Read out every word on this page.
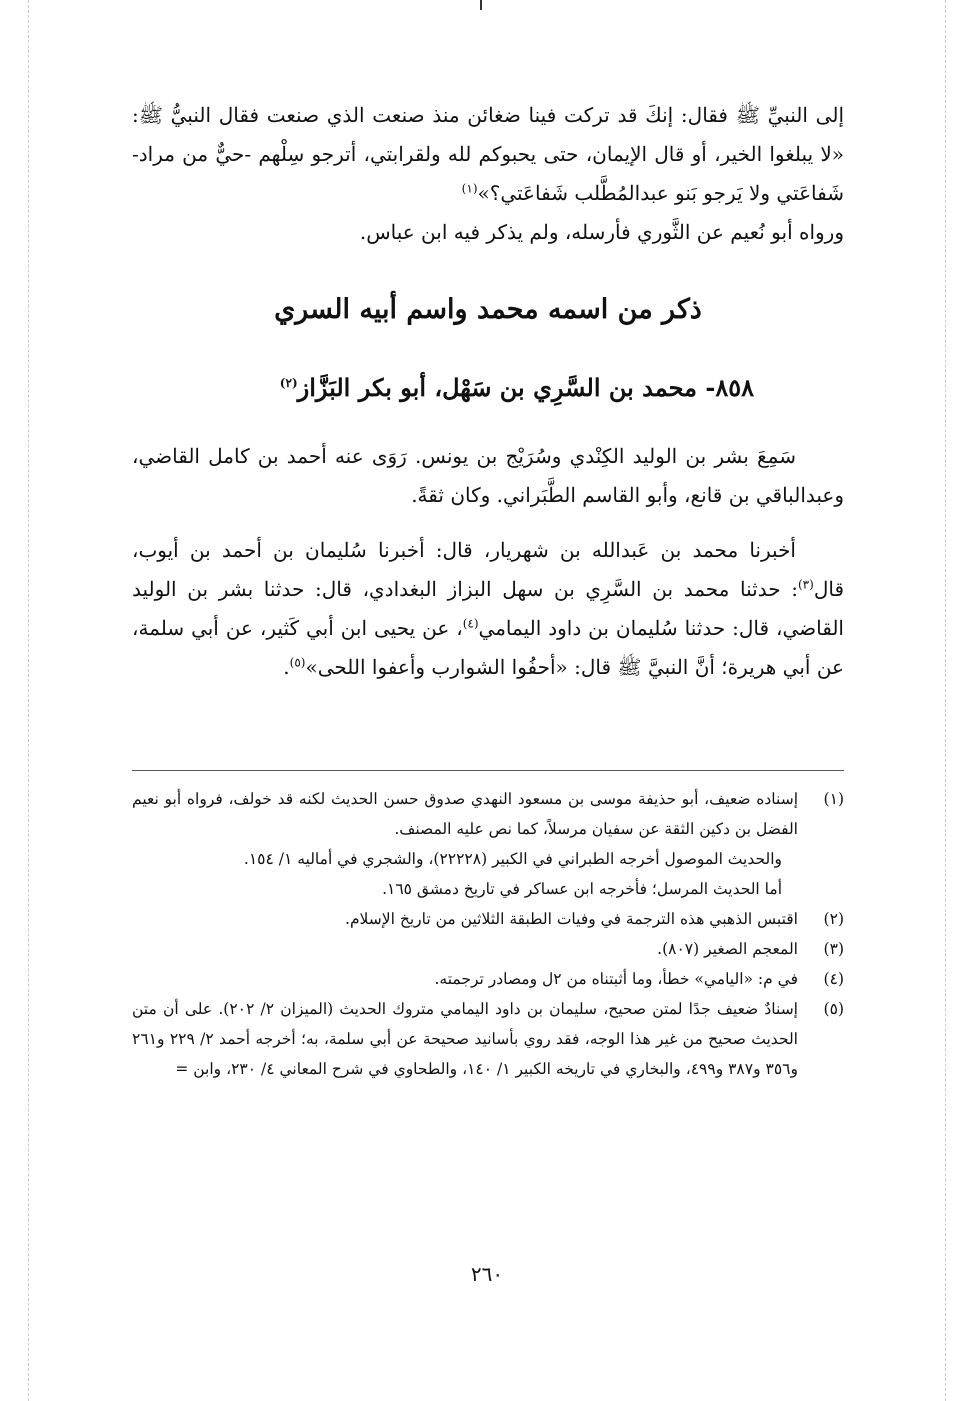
إلى النبيِّ ﷺ فقال: إنكَ قد تركت فينا ضغائن منذ صنعت الذي صنعت فقال النبيُّ ﷺ: «لا يبلغوا الخير، أو قال الإيمان، حتى يحبوكم لله ولقرابتي، أترجو سِلْهم -حيٌّ من مراد- شَفاعَتي ولا يَرجو بَنو عبدالمُطَّلب شَفاعَتي؟»$^{(١)}$

ورواه أبو نُعيم عن الثَّوري فأرسله، ولم يذكر فيه ابن عباس.

ذكر من اسمه محمد واسم أبيه السري
٨٥٨- محمد بن السَّرِي بن سَهْل، أبو بكر البَزَّاز$^{(٢)}$

سَمِعَ بشر بن الوليد الكِنْدي وسُرَيْج بن يونس. رَوَى عنه أحمد بن كامل القاضي، وعبدالباقي بن قانع، وأبو القاسم الطَّبَراني. وكان ثقةً.

أخبرنا محمد بن عَبدالله بن شهريار، قال: أخبرنا سُليمان بن أحمد بن أيوب، قال$^{(٣)}$: حدثنا محمد بن السَّرِي بن سهل البزاز البغدادي، قال: حدثنا بشر بن الوليد القاضي، قال: حدثنا سُليمان بن داود اليمامي$^{(٤)}$، عن يحيى ابن أبي كَثير، عن أبي سلمة، عن أبي هريرة؛ أنَّ النبيَّ ﷺ قال: «أحفُوا الشوارب وأعفوا اللحى»$^{(٥)}$.

(١)

إسناده ضعيف، أبو حذيفة موسى بن مسعود النهدي صدوق حسن الحديث لكنه قد خولف، فرواه أبو نعيم الفضل بن دكين الثقة عن سفيان مرسلاً، كما نص عليه المصنف.

والحديث الموصول أخرجه الطبراني في الكبير (٢٢٢٢٨)، والشجري في أماليه ١/ ١٥٤.

أما الحديث المرسل؛ فأخرجه ابن عساكر في تاريخ دمشق ١٦٥.

(٢)

اقتبس الذهبي هذه الترجمة في وفيات الطبقة الثلاثين من تاريخ الإسلام.

(٣)

المعجم الصغير (٨٠٧).

(٤)

في م: «اليامي» خطأ، وما أثبتناه من ٢ل ومصادر ترجمته.

(٥)

إسنادٌ ضعيف جدًا لمتن صحيح، سليمان بن داود اليمامي متروك الحديث (الميزان ٢/ ٢٠٢). على أن متن الحديث صحيح من غير هذا الوجه، فقد روي بأسانيد صحيحة عن أبي سلمة، به؛ أخرجه أحمد ٢/ ٢٢٩ و٢٦١ و٣٥٦ و٣٨٧ و٤٩٩، والبخاري في تاريخه الكبير ١/ ١٤٠، والطحاوي في شرح المعاني ٤/ ٢٣٠، وابن =

٢٦٠
